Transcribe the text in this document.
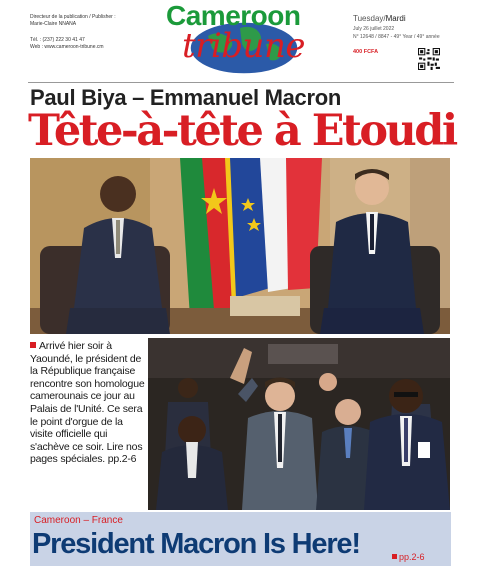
Directeur de la publication / Publisher :
Marie-Claire NNANA
Tél. : (237) 222 30 41 47
Web : www.cameroon-tribune.cm
Cameroon
tribune
Tuesday/Mardi
July 26 juillet 2022
N° 12648 / 8847 - 49° Year / 49° année
400 FCFA
Paul Biya – Emmanuel Macron
Tête-à-tête à Etoudi
Arrivé hier soir à Yaoundé, le président de la République française rencontre son homologue camerounais ce jour au Palais de l'Unité. Ce sera le point d'orgue de la visite officielle qui s'achève ce soir. Lire nos pages spéciales. pp.2-6
Cameroon – France
President Macron Is Here!	pp.2-6
